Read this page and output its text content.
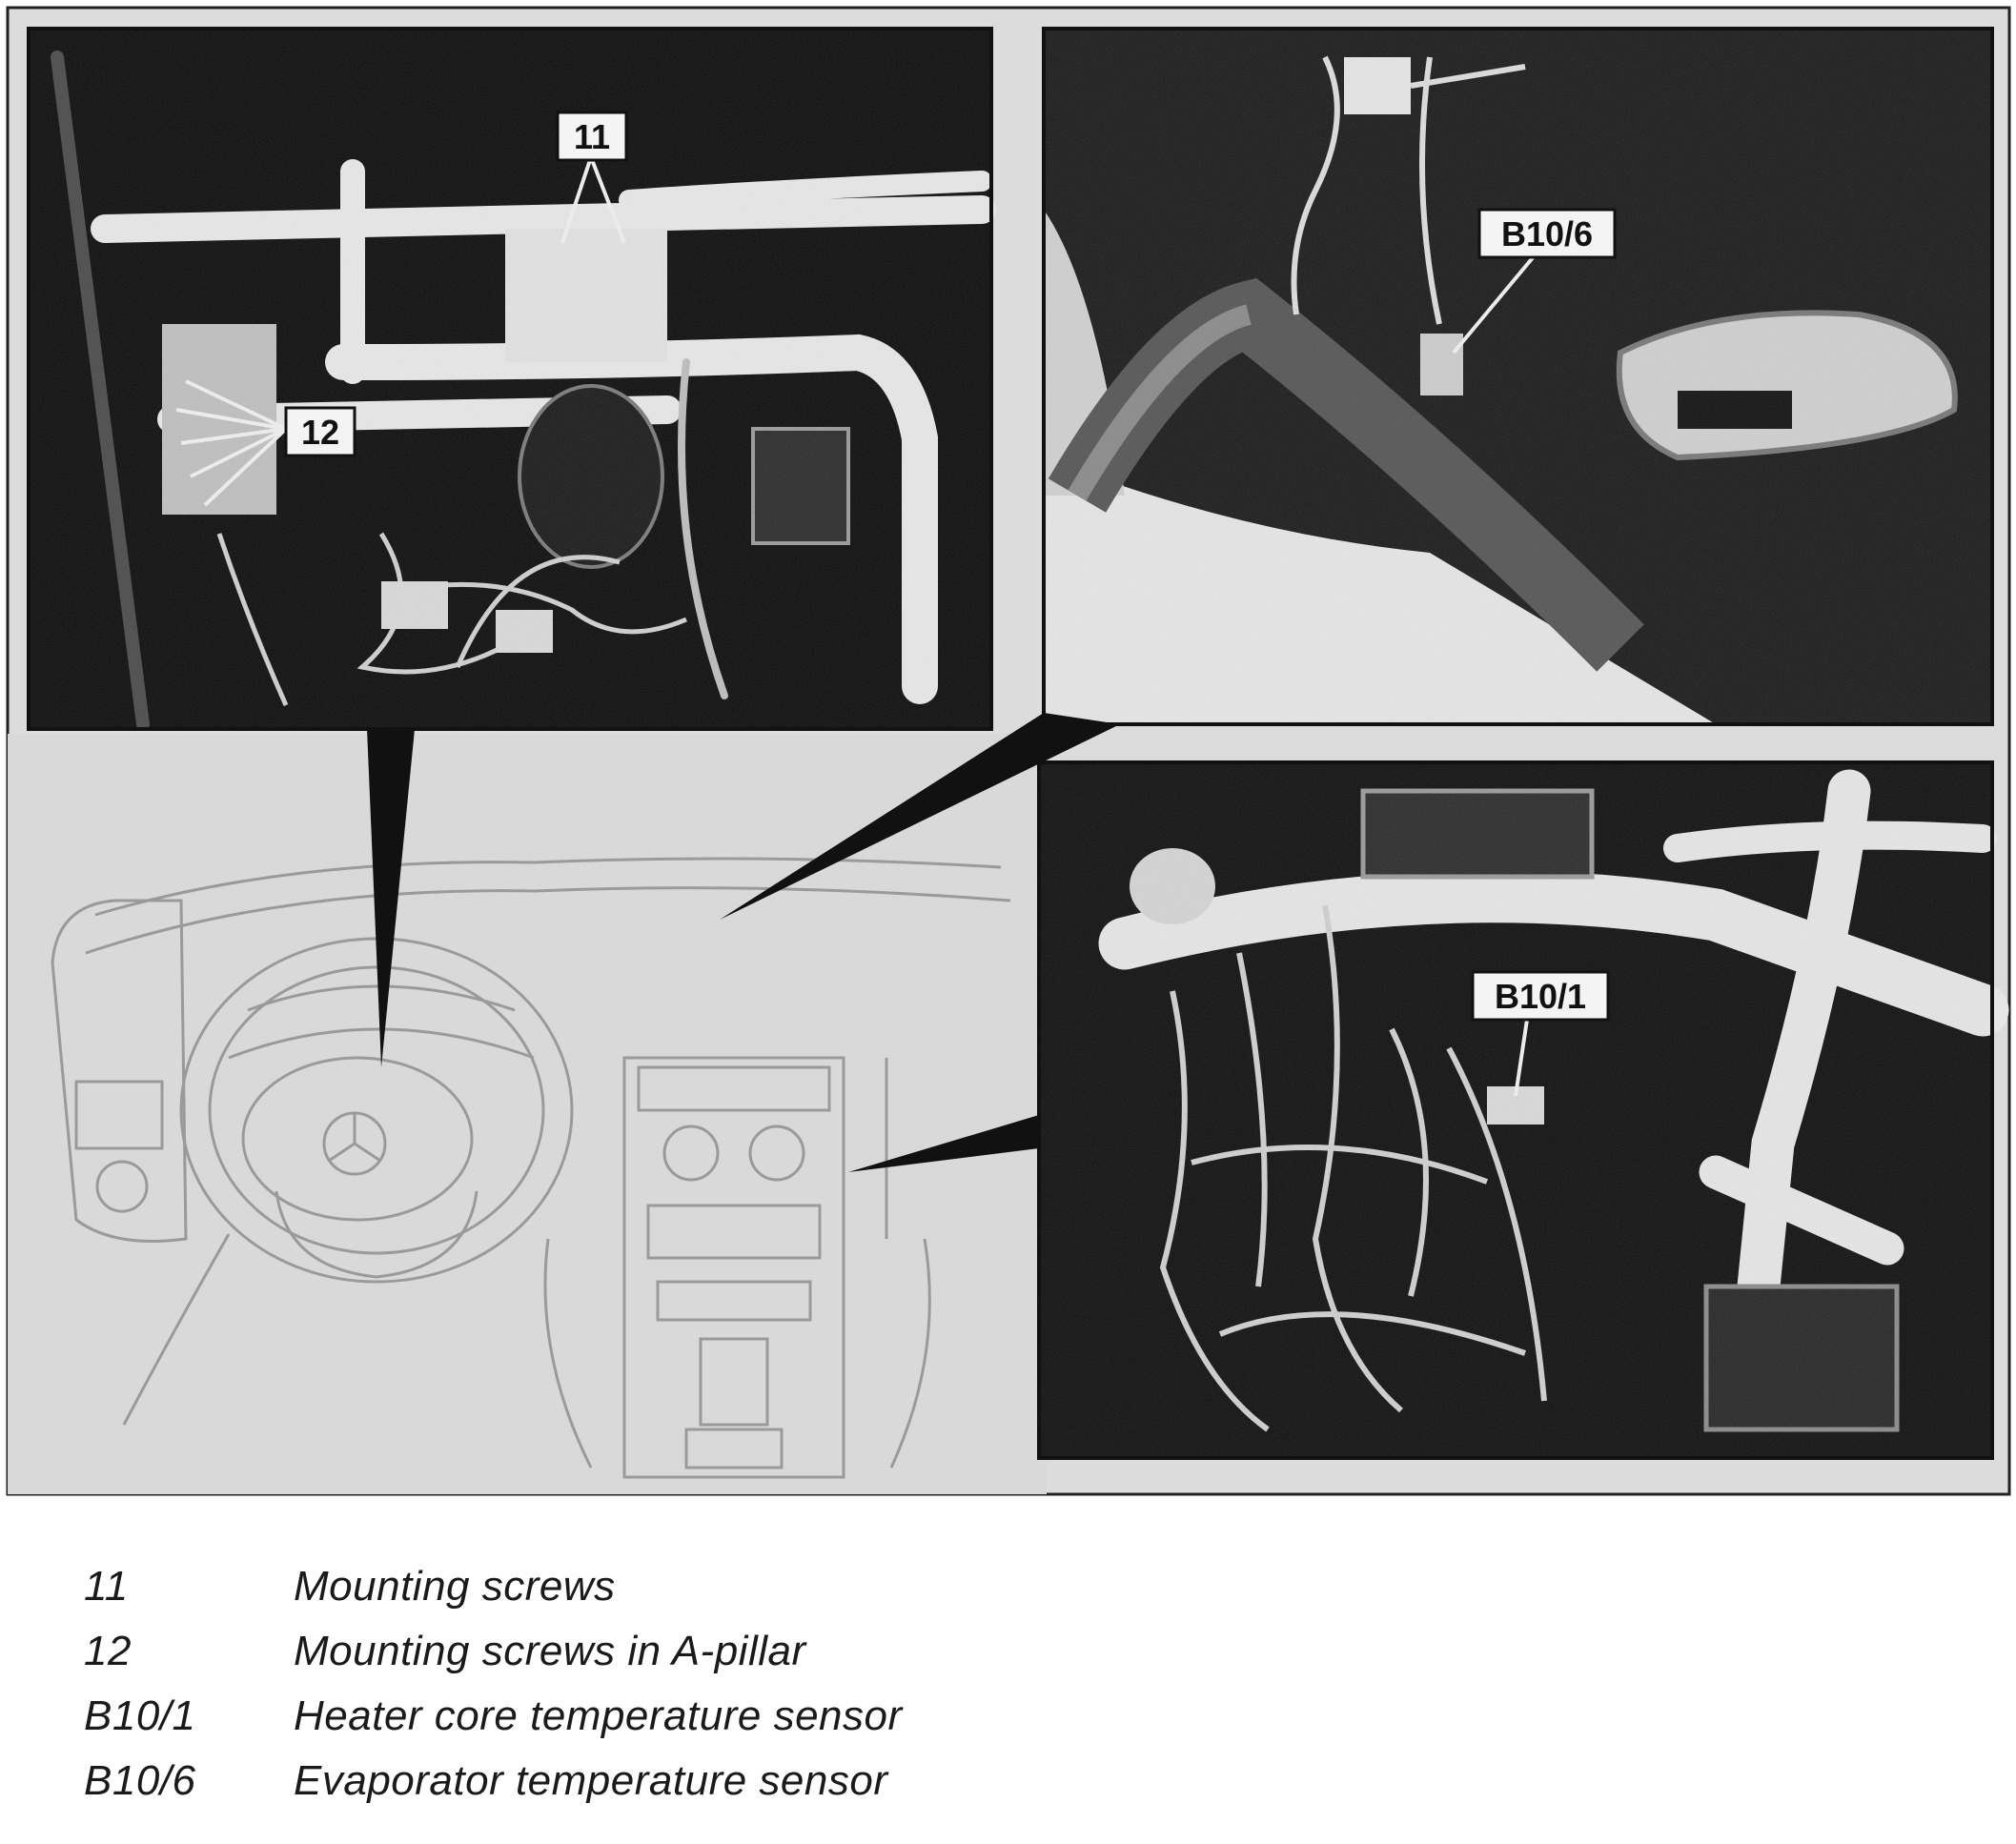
11
12
B10/6
B10/1
11	Mounting screws
12	Mounting screws in A-pillar
B10/1 Heater core temperature sensor
B10/6 Evaporator temperature sensor
